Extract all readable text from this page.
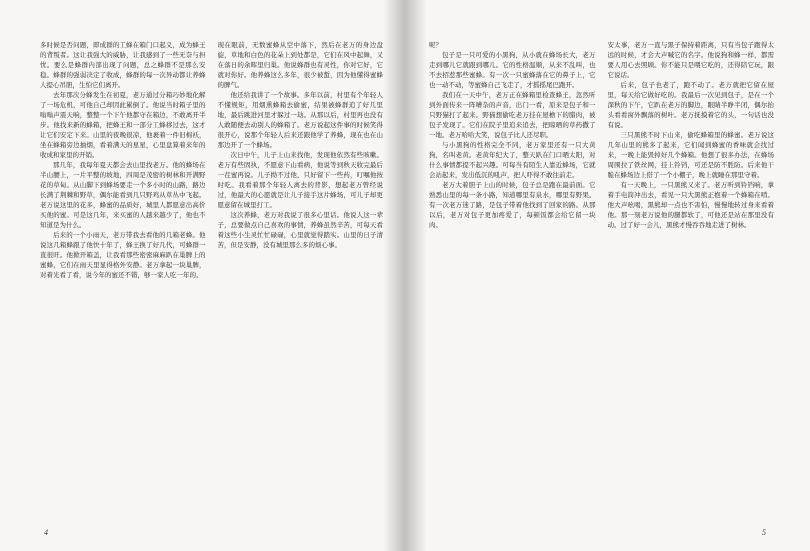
多时候是否问题，即成群的工蜂在箱门口起义，成为蜂王的背叛者。这让我强大的威胁，让我感到了一些无奈与担忧。要么是蜂群内部出现了问题，总之蜂群不是那么安稳。蜂群的强弱决定了收成，蜂群的每一次异动都让养蜂人提心吊胆，生怕它们离开。

去年那次分蜂发生在初夏，老万通过分箱巧妙地化解了一场危机，可他自己却因此累倒了。他说当时箱子里的嗡嗡声震天响，整整一个下午他都守在箱边，不敢离开半步。他找来新的蜂箱，把蜂王和一部分工蜂移过去，这才让它们安定下来。山里的夜晚很凉，他裹着一件旧棉袄，坐在蜂箱旁边抽烟，看着满天的星星，心里盘算着来年的收成和家里的开销。

那几年，我每年夏天都会去山里找老万。他的蜂场在半山腰上，一片平整的坡地，四周是茂密的树林和开满野花的草甸。从山脚下到蜂场要走一个多小时的山路，路边长满了荆棘和野草，偶尔能看到几只野鸡从草丛中飞起。老万说这里的花多，蜂蜜的品质好，城里人都愿意出高价买他的蜜。可是这几年，来买蜜的人越来越少了，他也不知道是为什么。

后来的一个小雨天，老万带我去看他的几箱老蜂。他说这几箱蜂跟了他快十年了，蜂王换了好几代，可蜂群一直很旺。他掀开箱盖，让我看那些密密麻麻趴在巢脾上的蜜蜂，它们在雨天里显得格外安静。老万拿起一块巢脾，对着光看了看，说今年的蜜还不错，够一家人吃一年的。

现在眼前，无数蜜蜂从空中落下，然后在老万的身边盘旋，草地和白色的花朵上到处都是，它们在风中起舞，又在落日的余晖里归巢。他说蜂群也有灵性，你对它好，它就对你好。他养蜂这么多年，很少被蜇，因为他懂得蜜蜂的脾气。

他还给我讲了一个故事。多年以前，村里有个年轻人不懂规矩，用烟熏蜂箱去偷蜜，结果被蜂群追了好几里地，最后跳进河里才躲过一劫。从那以后，村里再也没有人敢随便去动别人的蜂箱了。老万说起这件事的时候笑得很开心，说那个年轻人后来还跟他学了养蜂，现在也在山那边开了一个蜂场。

次日中午，儿子上山来找他，发现他依然有些咳嗽。老万有些固执，不愿意下山看病，他说等到秋天收完最后一茬蜜再说。儿子拗不过他，只好留下一些药，叮嘱他按时吃。我看着那个年轻人离去的背影，想起老万曾经说过，他最大的心愿就是让儿子接手这片蜂场，可儿子却更愿意留在城里打工。

这次养蜂，老万对我说了很多心里话。他说人这一辈子，总要做点自己喜欢的事情，养蜂虽然辛苦，可每天看着这些小生灵忙忙碌碌，心里就觉得踏实。山里的日子清苦，但是安静，没有城里那么多的烦心事。

4

呢？

包子是一只可爱的小黑狗，从小就在蜂场长大，老万走到哪儿它就跟到哪儿。它的性格温顺，从来不乱叫，也不去招惹那些蜜蜂。有一次一只蜜蜂落在它的鼻子上，它也一动不动，等蜜蜂自己飞走了，才摇摇尾巴跑开。

我们在一天中午，老万正在蜂箱里检查蜂王，忽然听到外面传来一阵嘈杂的声音，出门一看，原来是包子和一只野猫打了起来。野猫想偷吃老万挂在屋檐下的腊肉，被包子发现了。它们在院子里追来追去，把晾晒的草药撒了一地。老万哈哈大笑，说包子比人还尽职。

与小黑狗的性格完全不同，老万家里还有一只大黄狗，名叫老黄。老黄年纪大了，整天趴在门口晒太阳，对什么事情都提不起兴趣。可每当有陌生人靠近蜂场，它就会站起来，发出低沉的吼声，把人吓得不敢往前走。

老万大着胆子上山的时候，包子总是跑在最前面。它熟悉山里的每一条小路，知道哪里有泉水，哪里有野果。有一次老万迷了路，是包子带着他找到了回家的路。从那以后，老万对包子更加疼爱了，每顿饭都会给它留一块肉。

安太事，老万一直与黑子保持着距离，只有当包子跑得太远的时候，才会大声喊它的名字。他说狗和蜂一样，都需要人用心去照顾。你不能只是喂它吃的，还得陪它玩，跟它说话。

后来，包子也老了，跑不动了。老万就把它留在屋里，每天给它做好吃的。我最后一次见到包子，是在一个深秋的下午，它趴在老万的脚边，眼睛半睁半闭，偶尔抬头看看窗外飘落的树叶。老万抚摸着它的头，一句话也没有说。

三只黑熊不时下山来，偷吃蜂箱里的蜂蜜。老万说这几年山里的熊多了起来，它们闻到蜂蜜的香味就会找过来，一晚上能毁掉好几个蜂箱。他想了很多办法，在蜂场周围拉了铁丝网，挂上铃铛，可还是防不胜防。后来他干脆在蜂场边上搭了一个小棚子，晚上就睡在那里守着。

有一天晚上，一只黑熊又来了。老万听到铃铛响，拿着手电筒冲出去，看见一只大黑熊正抱着一个蜂箱在啃。他大声吆喝，黑熊却一点也不害怕，慢慢地转过身来看着他。那一刻老万说他的腿都软了，可他还是站在那里没有动。过了好一会儿，黑熊才慢吞吞地走进了树林。

5
